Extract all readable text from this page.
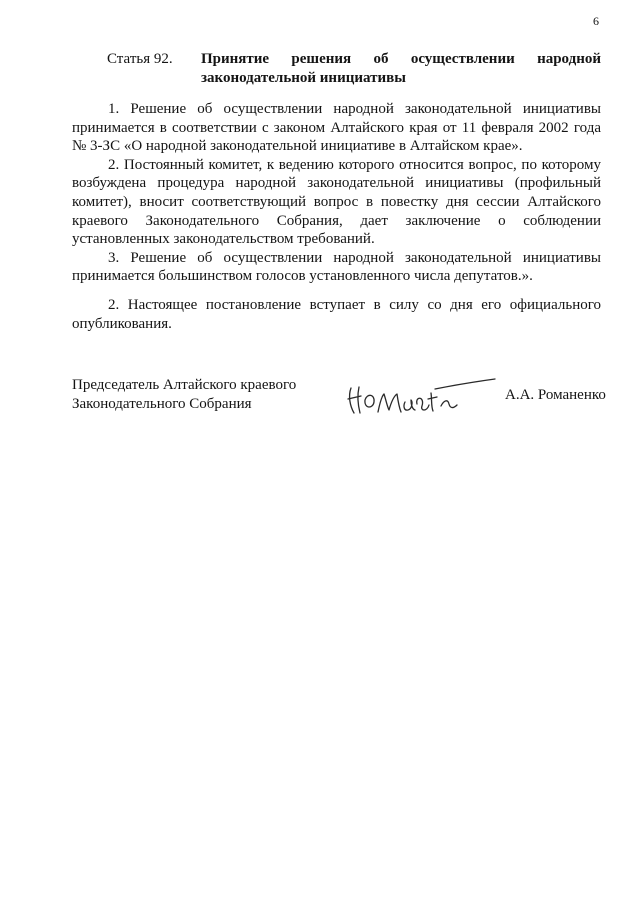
6
Статья 92. Принятие решения об осуществлении народной законодательной инициативы

1. Решение об осуществлении народной законодательной инициативы принимается в соответствии с законом Алтайского края от 11 февраля 2002 года № 3-ЗС «О народной законодательной инициативе в Алтайском крае».

2. Постоянный комитет, к ведению которого относится вопрос, по которому возбуждена процедура народной законодательной инициативы (профильный комитет), вносит соответствующий вопрос в повестку дня сессии Алтайского краевого Законодательного Собрания, дает заключение о соблюдении установленных законодательством требований.

3. Решение об осуществлении народной законодательной инициативы принимается большинством голосов установленного числа депутатов.».

2. Настоящее постановление вступает в силу со дня его официального опубликования.

Председатель Алтайского краевого
Законодательного Собрания
А.А. Романенко
